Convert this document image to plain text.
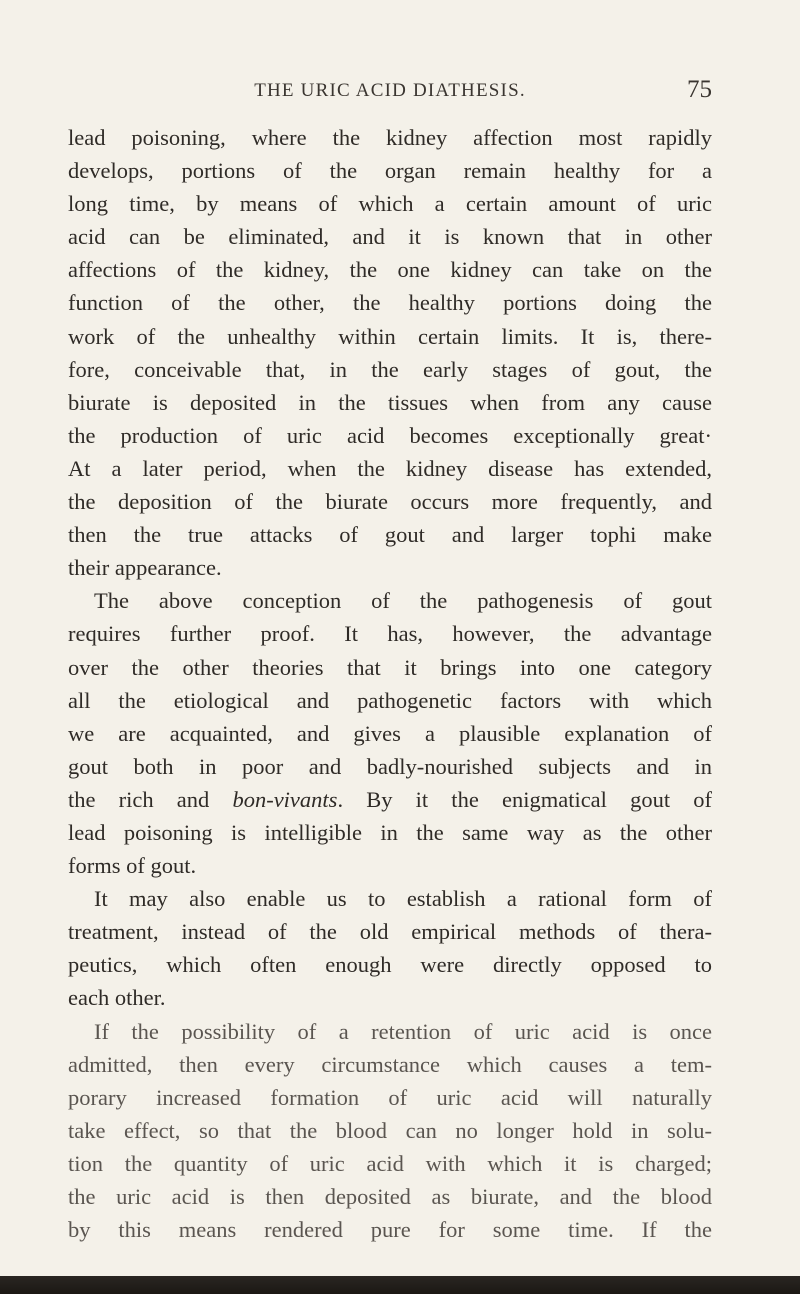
THE URIC ACID DIATHESIS.	75
lead poisoning, where the kidney affection most rapidly
develops, portions of the organ remain healthy for a
long time, by means of which a certain amount of uric
acid can be eliminated, and it is known that in other
affections of the kidney, the one kidney can take on the
function of the other, the healthy portions doing the
work of the unhealthy within certain limits. It is, there-
fore, conceivable that, in the early stages of gout, the
biurate is deposited in the tissues when from any cause
the production of uric acid becomes exceptionally great·
At a later period, when the kidney disease has extended,
the deposition of the biurate occurs more frequently, and
then the true attacks of gout and larger tophi make
their appearance.
The above conception of the pathogenesis of gout
requires further proof. It has, however, the advantage
over the other theories that it brings into one category
all the etiological and pathogenetic factors with which
we are acquainted, and gives a plausible explanation of
gout both in poor and badly-nourished subjects and in
the rich and bon-vivants. By it the enigmatical gout of
lead poisoning is intelligible in the same way as the other
forms of gout.
It may also enable us to establish a rational form of
treatment, instead of the old empirical methods of thera-
peutics, which often enough were directly opposed to
each other.
If the possibility of a retention of uric acid is once
admitted, then every circumstance which causes a tem-
porary increased formation of uric acid will naturally
take effect, so that the blood can no longer hold in solu-
tion the quantity of uric acid with which it is charged;
the uric acid is then deposited as biurate, and the blood
by this means rendered pure for some time. If the
